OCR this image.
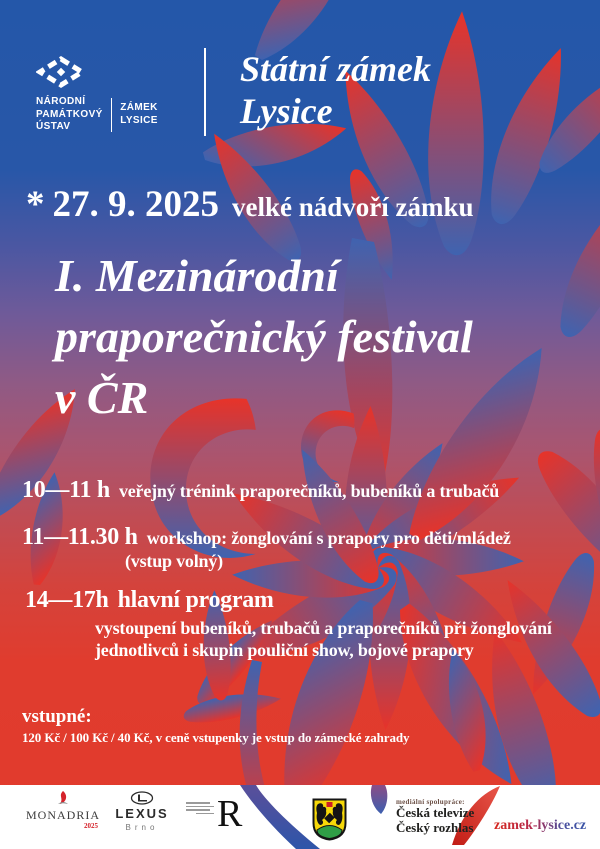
NÁRODNÍ
PAMÁTKOVÝ
ÚSTAV
ZÁMEK
LYSICE
Státní zámek
Lysice
* 27. 9. 2025 velké nádvoří zámku
I. Mezinárodní
praporečnický festival
v ČR
10—11 h veřejný trénink praporečníků, bubeníků a trubačů
11—11.30 h workshop: žonglování s prapory pro děti/mládež
(vstup volný)
14—17h hlavní program
vystoupení bubeníků, trubačů a praporečníků při žonglování
jednotlivců i skupin pouliční show, bojové prapory
vstupné:
120 Kč / 100 Kč / 40 Kč, v ceně vstupenky je vstup do zámecké zahrady
MONADRIA
2025
LEXUS
Brno	R	mediální spolupráce:
Česká televize
Český rozhlas zamek-lysice.cz
